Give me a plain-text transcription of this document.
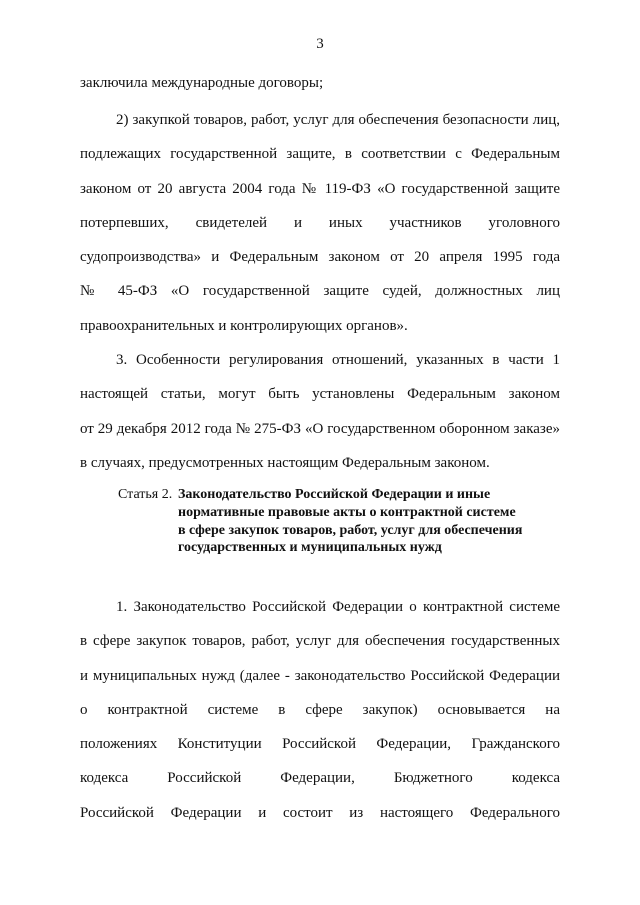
3
заключила международные договоры;
2) закупкой товаров, работ, услуг для обеспечения безопасности лиц,
подлежащих государственной защите, в соответствии с Федеральным
законом от 20 августа 2004 года № 119-ФЗ «О государственной защите
потерпевших, свидетелей и иных участников уголовного
судопроизводства» и Федеральным законом от 20 апреля 1995 года
№ 45-ФЗ «О государственной защите судей, должностных лиц
правоохранительных и контролирующих органов».
3. Особенности регулирования отношений, указанных в части 1
настоящей статьи, могут быть установлены Федеральным законом
от 29 декабря 2012 года № 275-ФЗ «О государственном оборонном заказе»
в случаях, предусмотренных настоящим Федеральным законом.
Статья 2. Законодательство Российской Федерации и иные
нормативные правовые акты о контрактной системе
в сфере закупок товаров, работ, услуг для обеспечения
государственных и муниципальных нужд
1. Законодательство Российской Федерации о контрактной системе
в сфере закупок товаров, работ, услуг для обеспечения государственных
и муниципальных нужд (далее - законодательство Российской Федерации
о контрактной системе в сфере закупок) основывается на
положениях Конституции Российской Федерации, Гражданского
кодекса Российской Федерации, Бюджетного кодекса
Российской Федерации и состоит из настоящего Федерального
